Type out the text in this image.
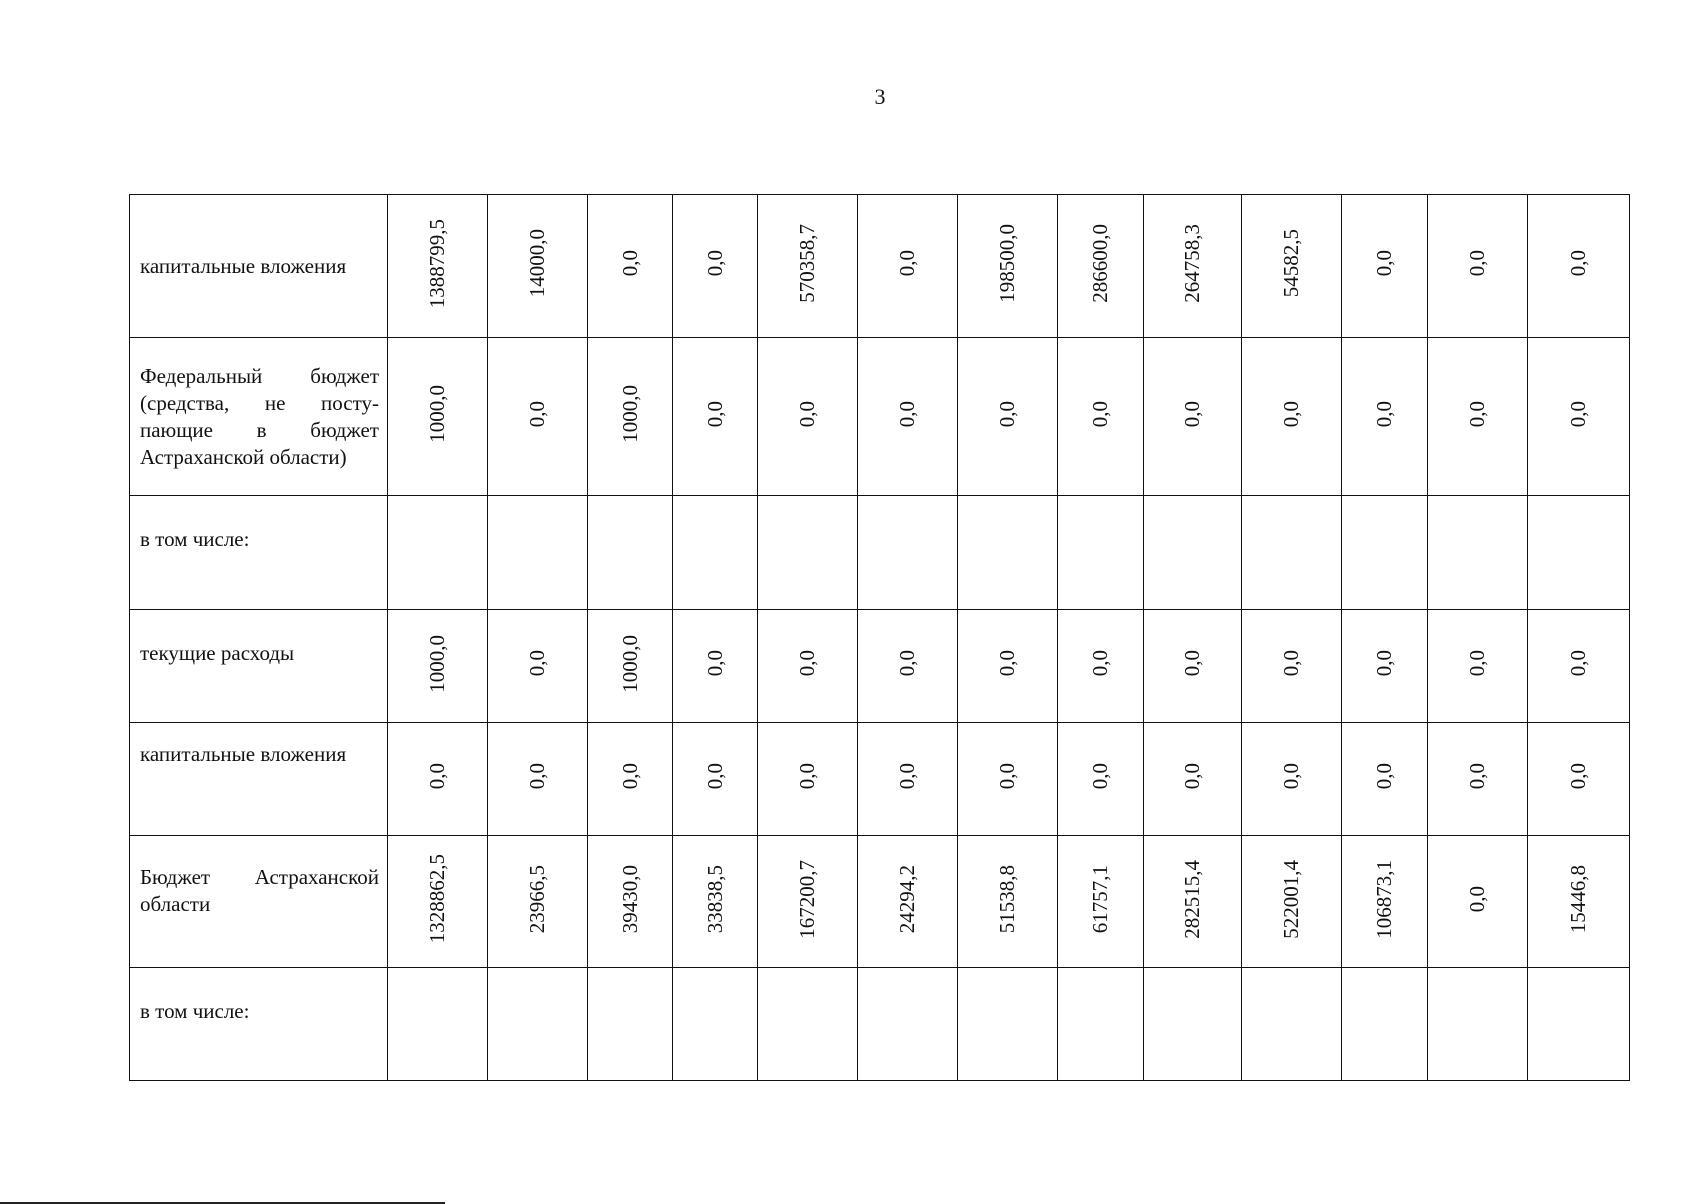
3
капитальные вложения	1388799,5	14000,0	0,0	0,0	570358,7	0,0	198500,0	286600,0	264758,3	54582,5	0,0	0,0	0,0
Федеральный бюджет (средства, не поступающие в бюджет Астраханской области)	1000,0	0,0	1000,0	0,0	0,0	0,0	0,0	0,0	0,0	0,0	0,0	0,0	0,0
в том числе:													
текущие расходы	1000,0	0,0	1000,0	0,0	0,0	0,0	0,0	0,0	0,0	0,0	0,0	0,0	0,0
капитальные вложения	0,0	0,0	0,0	0,0	0,0	0,0	0,0	0,0	0,0	0,0	0,0	0,0	0,0
Бюджет Астраханской области	1328862,5	23966,5	39430,0	33838,5	167200,7	24294,2	51538,8	61757,1	282515,4	522001,4	106873,1	0,0	15446,8
в том числе:													
